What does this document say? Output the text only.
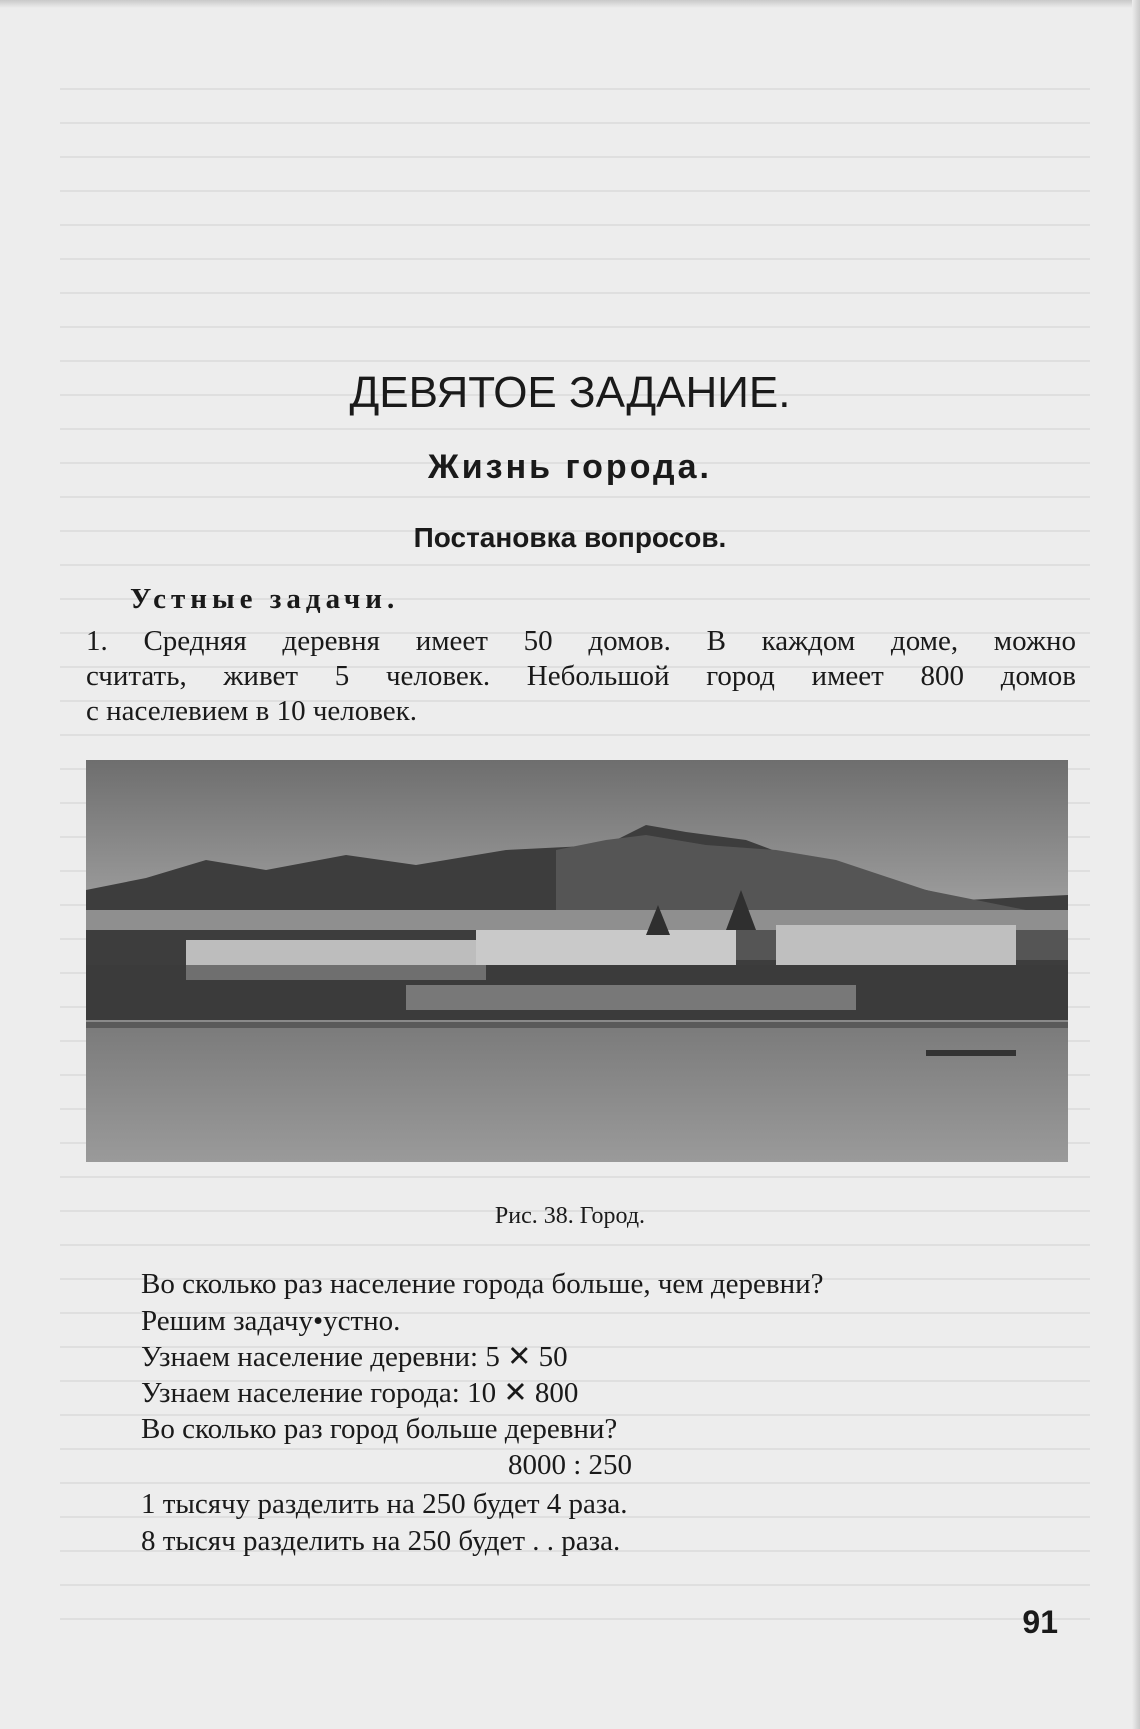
ДЕВЯТОЕ ЗАДАНИЕ.
Жизнь города.
Постановка вопросов.
Устные задачи.
1. Средняя деревня имеет 50 домов. В каждом доме, можно
считать, живет 5 человек. Небольшой город имеет 800 домов
с населевием в 10 человек.
Рис. 38. Город.
Во сколько раз население города больше, чем деревни?
Решим задачу•устно.
Узнаем население деревни: 5 ✕ 50
Узнаем население города: 10 ✕ 800
Во сколько раз город больше деревни?
8000 : 250
1 тысячу разделить на 250 будет 4 раза.
8 тысяч разделить на 250 будет . . раза.
91
